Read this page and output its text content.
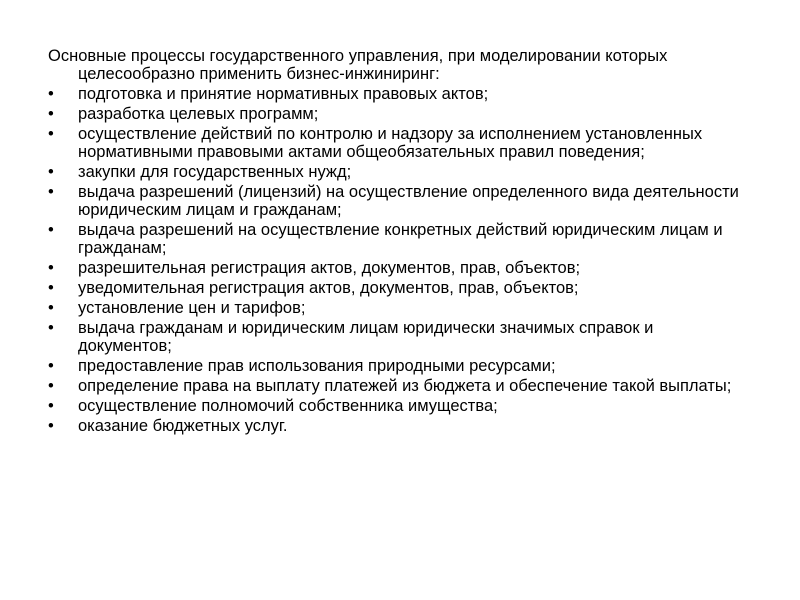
Основные процессы государственного управления, при моделировании которых
целесообразно применить бизнес-инжиниринг:

• подготовка и принятие нормативных правовых актов;
• разработка целевых программ;
• осуществление действий по контролю и надзору за исполнением установленных нормативными правовыми актами общеобязательных правил поведения;
• закупки для государственных нужд;
• выдача разрешений (лицензий) на осуществление определенного вида деятельности юридическим лицам и гражданам;
• выдача разрешений на осуществление конкретных действий юридическим лицам и гражданам;
• разрешительная регистрация актов, документов, прав, объектов;
• уведомительная регистрация актов, документов, прав, объектов;
• установление цен и тарифов;
• выдача гражданам и юридическим лицам юридически значимых справок и документов;
• предоставление прав использования природными ресурсами;
• определение права на выплату платежей из бюджета и обеспечение такой выплаты;
• осуществление полномочий собственника имущества;
• оказание бюджетных услуг.
